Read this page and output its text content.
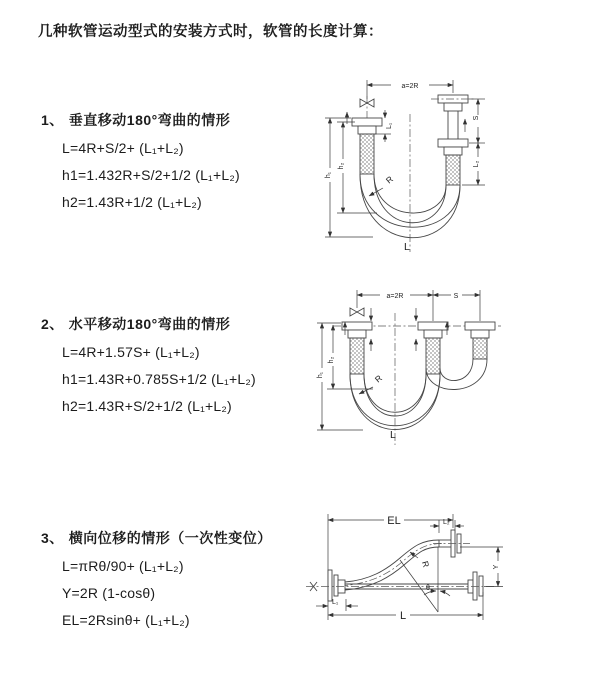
几种软管运动型式的安装方式时，软管的长度计算：
1、 垂直移动180°弯曲的情形
L=4R+S/2+ (L₁+L₂)
h1=1.432R+S/2+1/2 (L₁+L₂)
h2=1.43R+1/2 (L₁+L₂)
2、 水平移动180°弯曲的情形
L=4R+1.57S+ (L₁+L₂)
h1=1.43R+0.785S+1/2 (L₁+L₂)
h2=1.43R+S/2+1/2 (L₁+L₂)
3、 横向位移的情形（一次性变位）
L=πRθ/90+ (L₁+L₂)
Y=2R (1-cosθ)
EL=2Rsinθ+ (L₁+L₂)
a=2R
L₁
S
L₂
h₁
h₂
R
L
a=2R	S
h₁
h₂
R
L
EL	L₂
θ
R	Y
L₁
L
